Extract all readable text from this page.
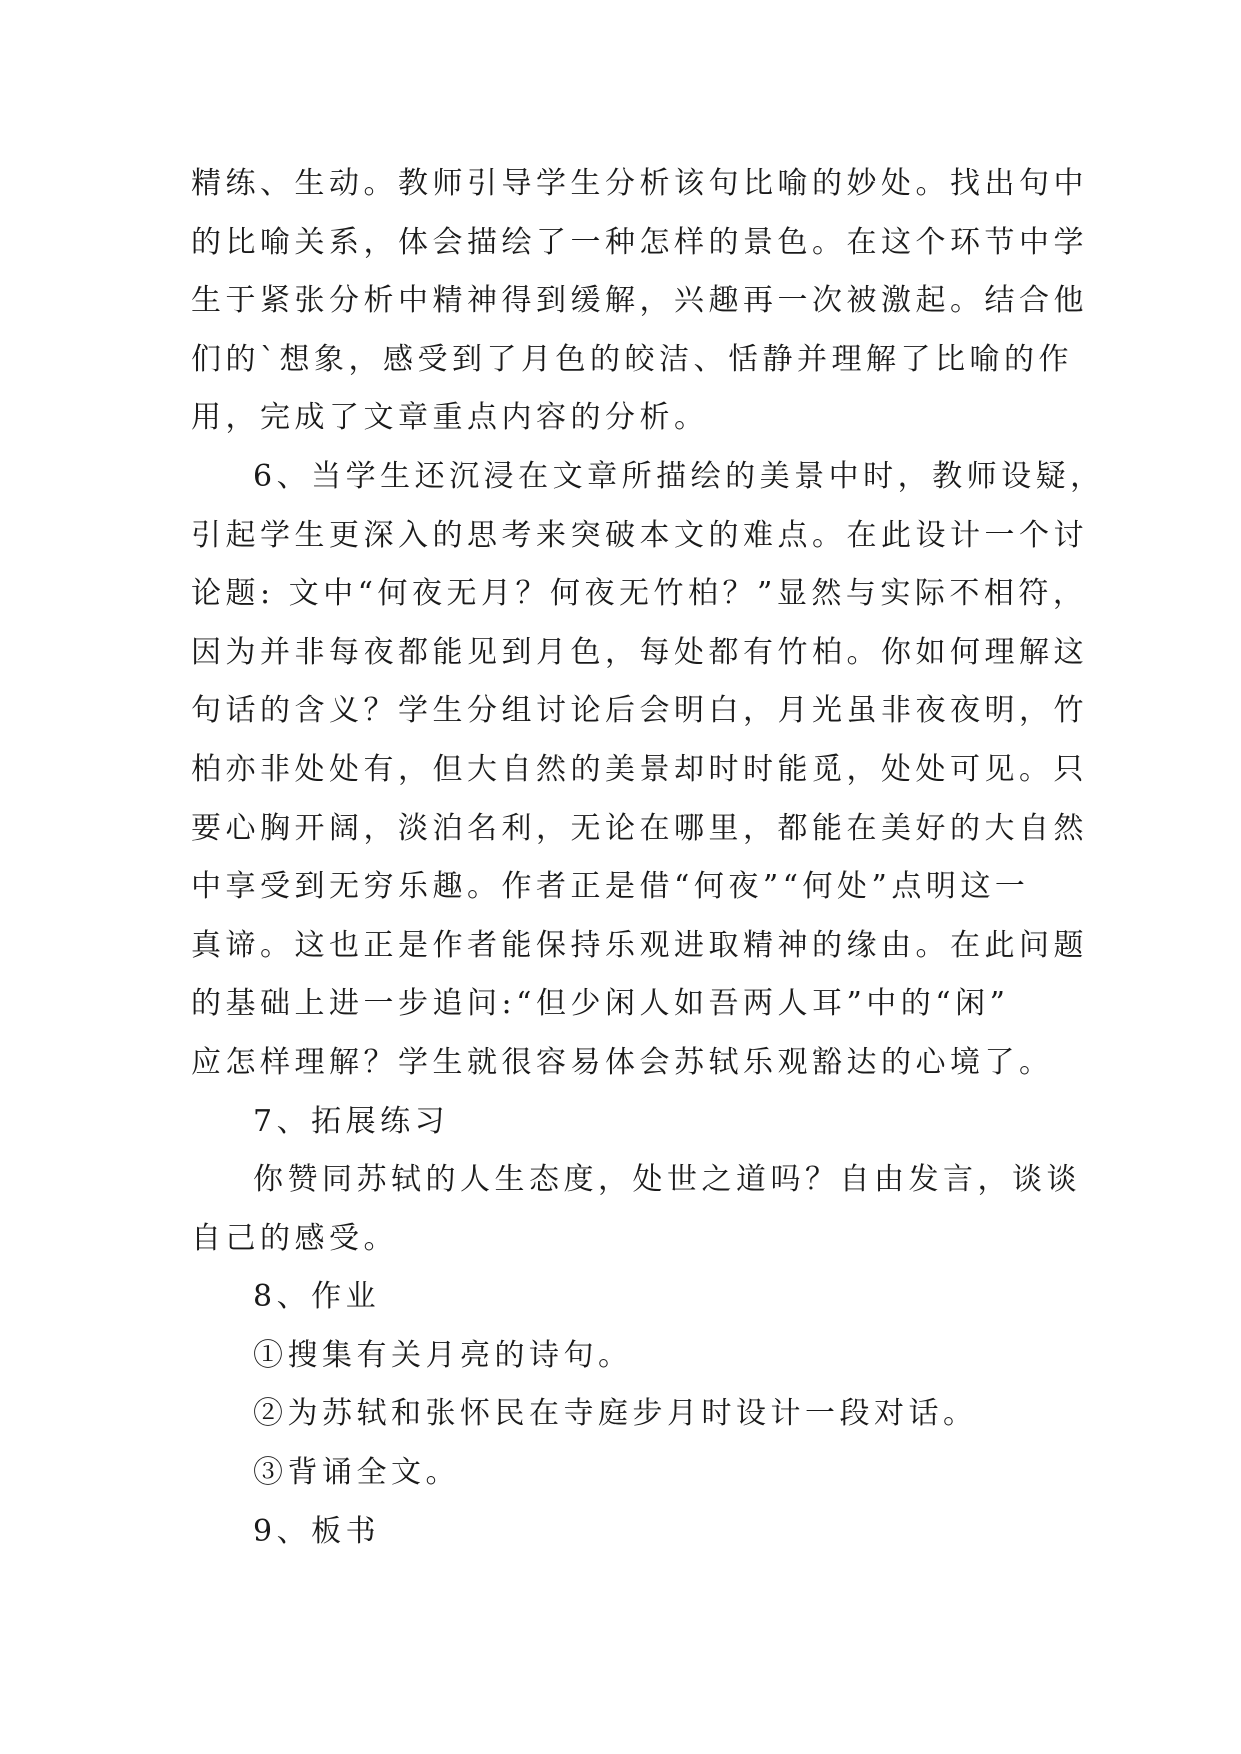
精练、生动。教师引导学生分析该句比喻的妙处。找出句中
的比喻关系，体会描绘了一种怎样的景色。在这个环节中学
生于紧张分析中精神得到缓解，兴趣再一次被激起。结合他
们的`想象，感受到了月色的皎洁、恬静并理解了比喻的作
用，完成了文章重点内容的分析。
6、当学生还沉浸在文章所描绘的美景中时，教师设疑，
引起学生更深入的思考来突破本文的难点。在此设计一个讨
论题: 文中“何夜无月？何夜无竹柏？”显然与实际不相符，
因为并非每夜都能见到月色，每处都有竹柏。你如何理解这
句话的含义？学生分组讨论后会明白，月光虽非夜夜明，竹
柏亦非处处有，但大自然的美景却时时能觅，处处可见。只
要心胸开阔，淡泊名利，无论在哪里，都能在美好的大自然
中享受到无穷乐趣。作者正是借“何夜”“何处”点明这一
真谛。这也正是作者能保持乐观进取精神的缘由。在此问题
的基础上进一步追问:“但少闲人如吾两人耳”中的“闲”
应怎样理解？学生就很容易体会苏轼乐观豁达的心境了。
7、拓展练习
你赞同苏轼的人生态度，处世之道吗？自由发言，谈谈
自己的感受。
8、作业
①搜集有关月亮的诗句。
②为苏轼和张怀民在寺庭步月时设计一段对话。
③背诵全文。
9、板书
